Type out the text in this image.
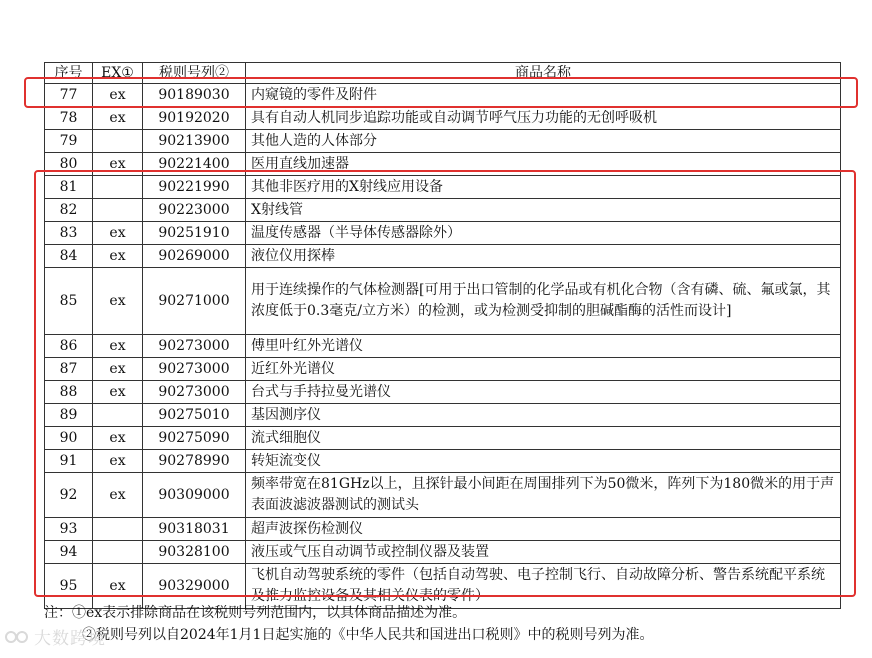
序号	EX①	税则号列②	商品名称
77	ex	90189030	内窥镜的零件及附件
78	ex	90192020	具有自动人机同步追踪功能或自动调节呼气压力功能的无创呼吸机
79		90213900	其他人造的人体部分
80	ex	90221400	医用直线加速器
81		90221990	其他非医疗用的X射线应用设备
82		90223000	X射线管
83	ex	90251910	温度传感器（半导体传感器除外）
84	ex	90269000	液位仪用探棒
85	ex	90271000	用于连续操作的气体检测器[可用于出口管制的化学品或有机化合物（含有磷、硫、氟或氯，其浓度低于0.3毫克/立方米）的检测，或为检测受抑制的胆碱酯酶的活性而设计]
86	ex	90273000	傅里叶红外光谱仪
87	ex	90273000	近红外光谱仪
88	ex	90273000	台式与手持拉曼光谱仪
89		90275010	基因测序仪
90	ex	90275090	流式细胞仪
91	ex	90278990	转矩流变仪
92	ex	90309000	频率带宽在81GHz以上，且探针最小间距在周围排列下为50微米，阵列下为180微米的用于声表面波滤波器测试的测试头
93		90318031	超声波探伤检测仪
94		90328100	液压或气压自动调节或控制仪器及装置
95	ex	90329000	飞机自动驾驶系统的零件（包括自动驾驶、电子控制飞行、自动故障分析、警告系统配平系统及推力监控设备及其相关仪表的零件）
注：①ex表示排除商品在该税则号列范围内，以具体商品描述为准。
②税则号列以自2024年1月1日起实施的《中华人民共和国进出口税则》中的税则号列为准。
大数跨境
